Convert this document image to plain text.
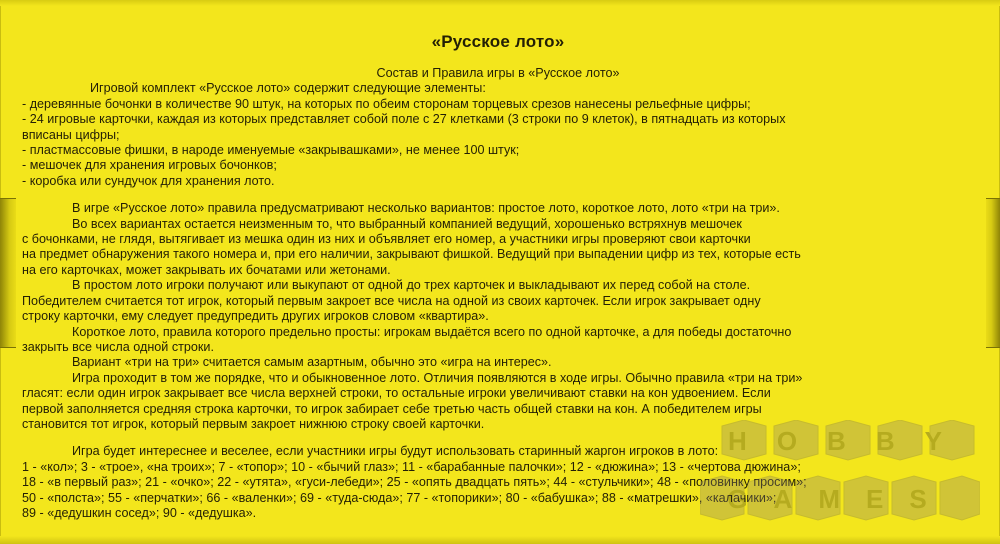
«Русское лото»

Состав и Правила игры в «Русское лото»

Игровой комплект «Русское лото» содержит следующие элементы:

- деревянные бочонки в количестве 90 штук, на которых по обеим сторонам торцевых срезов нанесены рельефные цифры;

- 24 игровые карточки, каждая из которых представляет собой поле с 27 клетками (3 строки по 9 клеток), в пятнадцать из которых

вписаны цифры;

- пластмассовые фишки, в народе именуемые «закрывашками», не менее 100 штук;

- мешочек для хранения игровых бочонков;

- коробка или сундучок для хранения лото.

В игре «Русское лото» правила предусматривают несколько вариантов: простое лото, короткое лото, лото «три на три».

Во всех вариантах остается неизменным то, что выбранный компанией ведущий, хорошенько встряхнув мешочек

с бочонками, не глядя, вытягивает из мешка один из них и объявляет его номер, а участники игры проверяют свои карточки

на предмет обнаружения такого номера и, при его наличии, закрывают фишкой. Ведущий при выпадении цифр из тех, которые есть

на его карточках, может закрывать их бочатами или жетонами.

В простом лото игроки получают или выкупают от одной до трех карточек и выкладывают их перед собой на столе.

Победителем считается тот игрок, который первым закроет все числа на одной из своих карточек. Если игрок закрывает одну

строку карточки, ему следует предупредить других игроков словом «квартира».

Короткое лото, правила которого предельно просты: игрокам выдаётся всего по одной карточке, а для победы достаточно

закрыть все числа одной строки.

Вариант «три на три» считается самым азартным, обычно это «игра на интерес».

Игра проходит в том же порядке, что и обыкновенное лото. Отличия появляются в ходе игры. Обычно правила «три на три»

гласят: если один игрок закрывает все числа верхней строки, то остальные игроки увеличивают ставки на кон удвоением. Если

первой заполняется средняя строка карточки, то игрок забирает себе третью часть общей ставки на кон. А победителем игры

становится тот игрок, который первым закроет нижнюю строку своей карточки.

Игра будет интереснее и веселее, если участники игры будут использовать старинный жаргон игроков в лото:

1 - «кол»; 3 - «трое», «на троих»; 7 - «топор»; 10 - «бычий глаз»; 11 - «барабанные палочки»; 12 - «дюжина»; 13 - «чертова дюжина»;

18 - «в первый раз»; 21 - «очко»; 22 - «утята», «гуси-лебеди»; 25 - «опять двадцать пять»; 44 - «стульчики»; 48 - «половинку просим»;

50 - «полста»; 55 - «перчатки»; 66 - «валенки»; 69 - «туда-сюда»; 77 - «топорики»; 80 - «бабушка»; 88 - «матрешки», «калачики»;

89 - «дедушкин сосед»; 90 - «дедушка».

HOBBY
GAMES
